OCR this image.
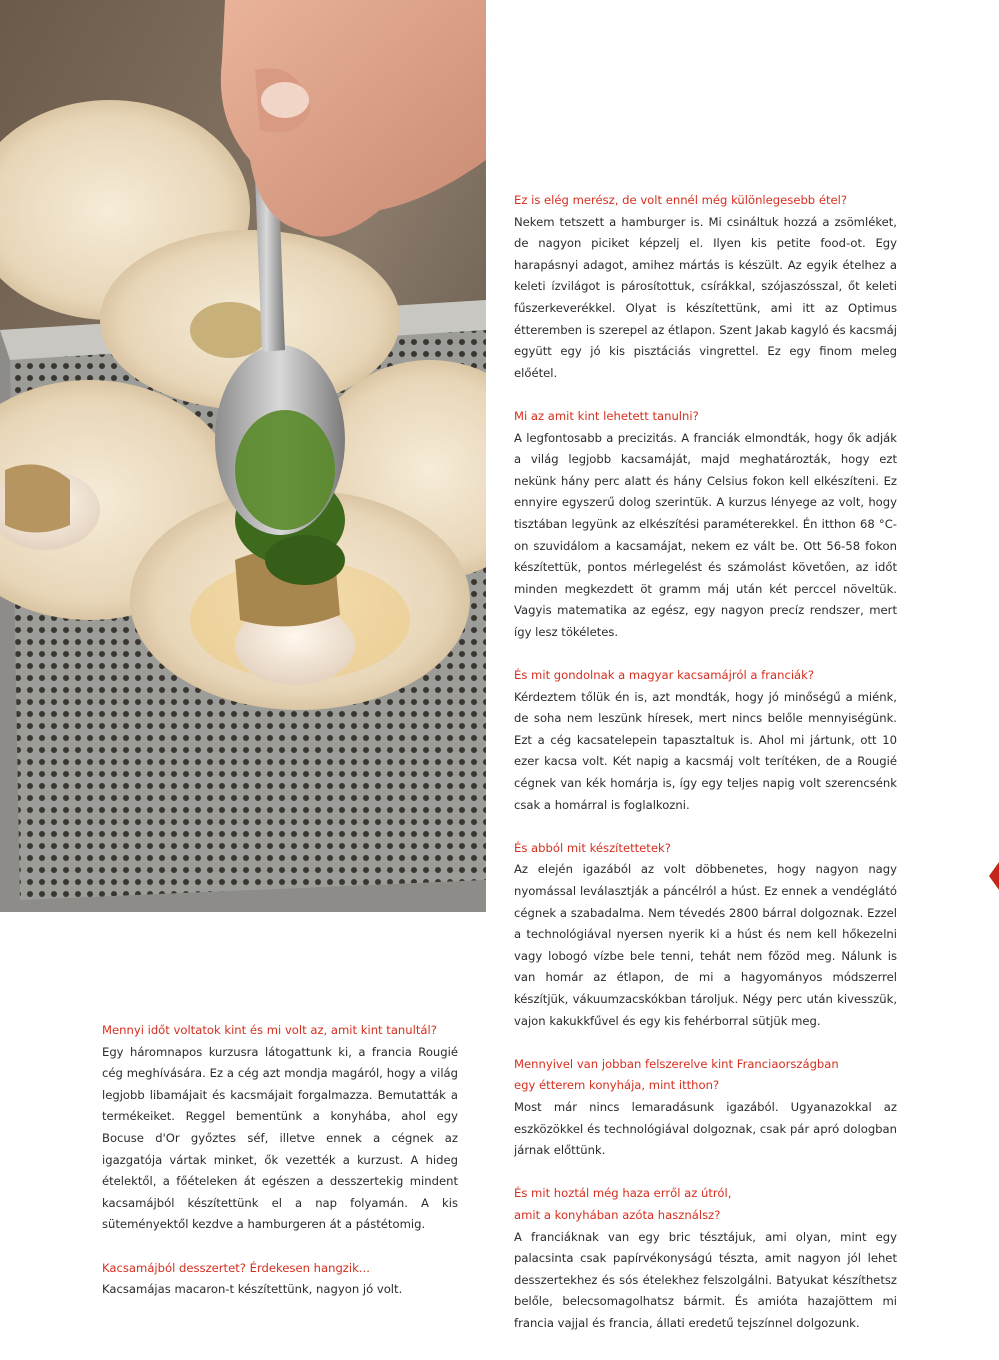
Mennyi időt voltatok kint és mi volt az, amit kint tanultál?
Egy háromnapos kurzusra látogattunk ki, a francia Rougié cég meghívására. Ez a cég azt mondja magáról, hogy a világ legjobb libamájait és kacsmájait forgalmazza. Bemutatták a termékeiket. Reggel bementünk a konyhába, ahol egy Bocuse d'Or győztes séf, illetve ennek a cégnek az igazgatója vártak minket, ők vezették a kurzust. A hideg ételektől, a főételeken át egészen a desszertekig mindent kacsamájból készítettünk el a nap folyamán. A kis süteményektől kezdve a hamburgeren át a pástétomig.
Kacsamájból desszertet? Érdekesen hangzik...
Kacsamájas macaron-t készítettünk, nagyon jó volt.
Ez is elég merész, de volt ennél még különlegesebb étel?
Nekem tetszett a hamburger is. Mi csináltuk hozzá a zsömléket, de nagyon piciket képzelj el. Ilyen kis petite food-ot. Egy harapásnyi adagot, amihez mártás is készült. Az egyik ételhez a keleti ízvilágot is párosítottuk, csírákkal, szójaszósszal, őt keleti fűszerkeverékkel. Olyat is készítettünk, ami itt az Optimus étteremben is szerepel az étlapon. Szent Jakab kagyló és kacsmáj együtt egy jó kis pisztáciás vingrettel. Ez egy finom meleg előétel.
Mi az amit kint lehetett tanulni?
A legfontosabb a precizitás. A franciák elmondták, hogy ők adják a világ legjobb kacsamáját, majd meghatározták, hogy ezt nekünk hány perc alatt és hány Celsius fokon kell elkészíteni. Ez ennyire egyszerű dolog szerintük. A kurzus lényege az volt, hogy tisztában legyünk az elkészítési paraméterekkel. Én itthon 68 °C-on szuvidálom a kacsamájat, nekem ez vált be. Ott 56-58 fokon készítettük, pontos mérlegelést és számolást követően, az időt minden megkezdett öt gramm máj után két perccel növeltük. Vagyis matematika az egész, egy nagyon precíz rendszer, mert így lesz tökéletes.
És mit gondolnak a magyar kacsamájról a franciák?
Kérdeztem tőlük én is, azt mondták, hogy jó minőségű a miénk, de soha nem leszünk híresek, mert nincs belőle mennyiségünk. Ezt a cég kacsatelepein tapasztaltuk is. Ahol mi jártunk, ott 10 ezer kacsa volt. Két napig a kacsmáj volt terítéken, de a Rougié cégnek van kék homárja is, így egy teljes napig volt szerencsénk csak a homárral is foglalkozni.
És abból mit készítettetek?
Az elején igazából az volt döbbenetes, hogy nagyon nagy nyomással leválasztják a páncélról a húst. Ez ennek a vendéglátó cégnek a szabadalma. Nem tévedés 2800 bárral dolgoznak. Ezzel a technológiával nyersen nyerik ki a húst és nem kell hőkezelni vagy lobogó vízbe bele tenni, tehát nem főzöd meg. Nálunk is van homár az étlapon, de mi a hagyományos módszerrel készítjük, vákuumzacskókban tároljuk. Négy perc után kivesszük, vajon kakukkfűvel és egy kis fehérborral sütjük meg.
Mennyivel van jobban felszerelve kint Franciaországban
egy étterem konyhája, mint itthon?
Most már nincs lemaradásunk igazából. Ugyanazokkal az eszközökkel és technológiával dolgoznak, csak pár apró dologban járnak előttünk.
És mit hoztál még haza erről az útról,
amit a konyhában azóta használsz?
A franciáknak van egy bric tésztájuk, ami olyan, mint egy palacsinta csak papírvékonyságú tészta, amit nagyon jól lehet desszertekhez és sós ételekhez felszolgálni. Batyukat készíthetsz belőle, belecsomagolhatsz bármit. És amióta hazajöttem mi francia vajjal és francia, állati eredetű tejszínnel dolgozunk.
